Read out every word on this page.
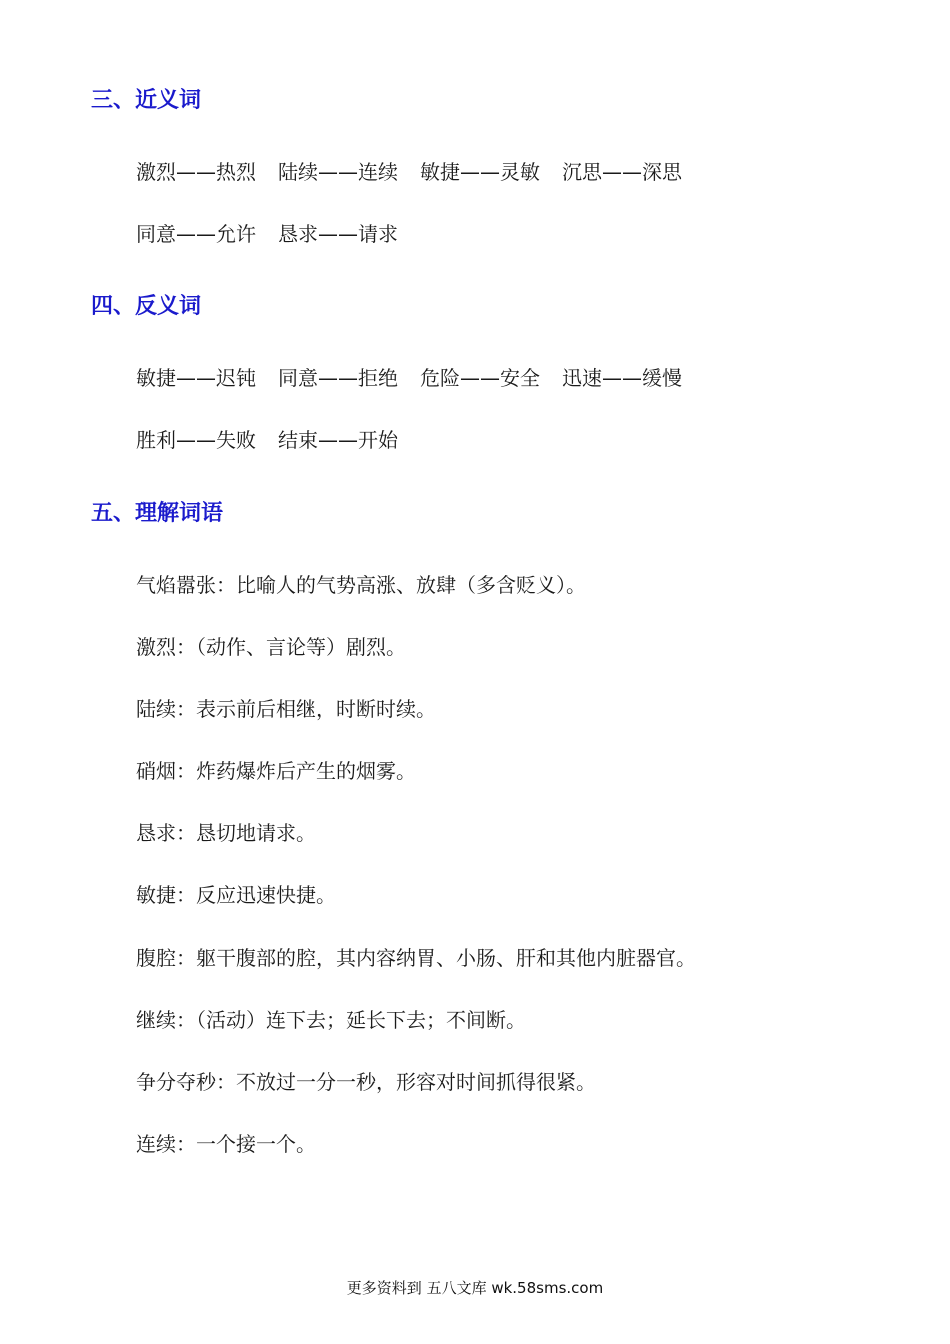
三、近义词
激烈——热烈 陆续——连续 敏捷——灵敏 沉思——深思
同意——允许 恳求——请求
四、反义词
敏捷——迟钝 同意——拒绝 危险——安全 迅速——缓慢
胜利——失败 结束——开始
五、理解词语
气焰嚣张：比喻人的气势高涨、放肆（多含贬义）。
激烈：（动作、言论等）剧烈。
陆续：表示前后相继，时断时续。
硝烟：炸药爆炸后产生的烟雾。
恳求：恳切地请求。
敏捷：反应迅速快捷。
腹腔：躯干腹部的腔，其内容纳胃、小肠、肝和其他内脏器官。
继续：（活动）连下去；延长下去；不间断。
争分夺秒：不放过一分一秒，形容对时间抓得很紧。
连续：一个接一个。
更多资料到 五八文库 wk.58sms.com
